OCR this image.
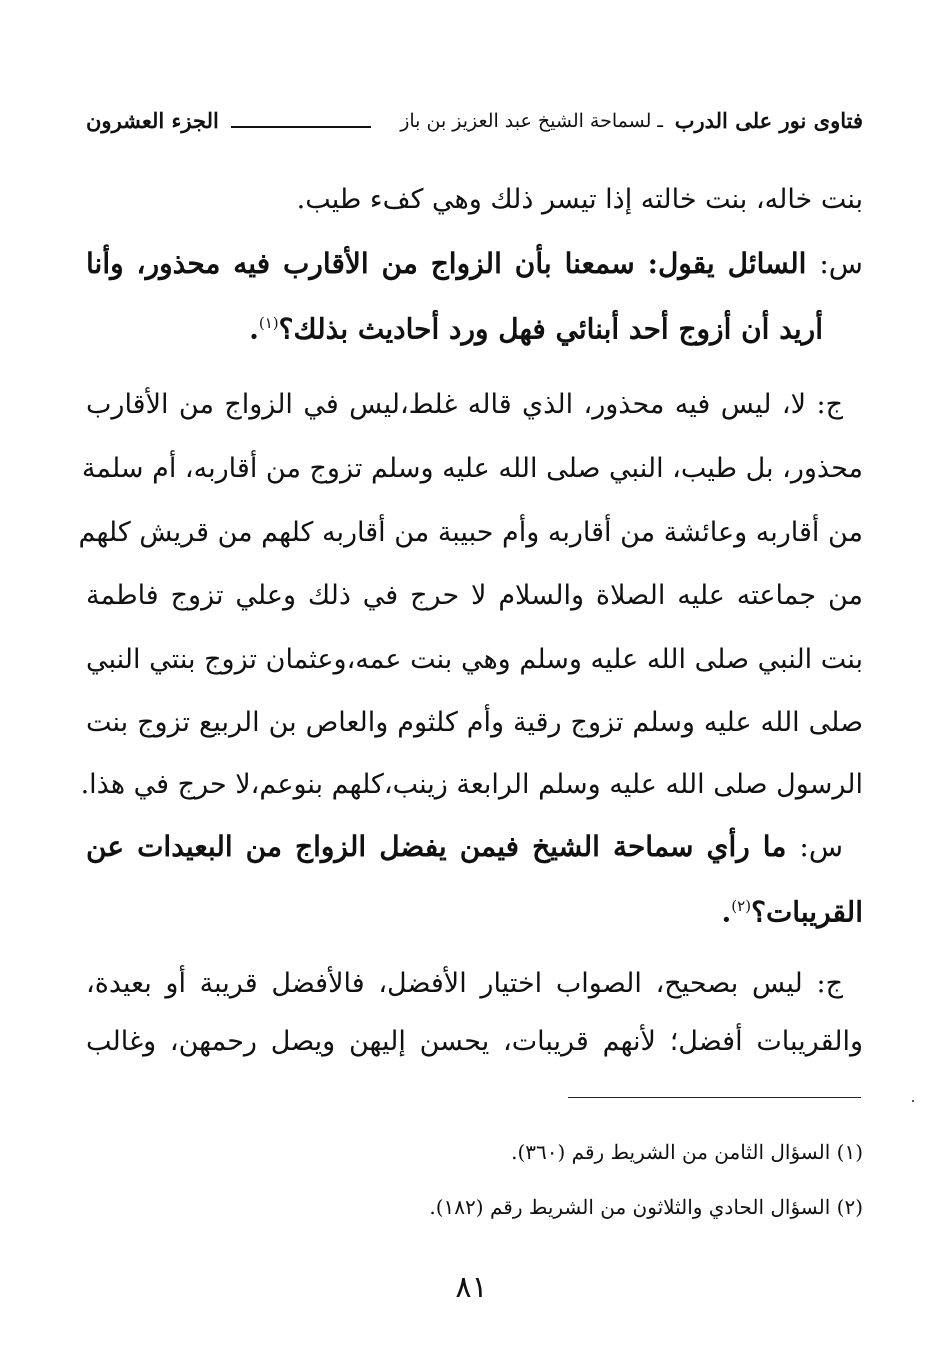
فتاوى نور على الدرب
ـ لسماحة الشيخ عبد العزيز بن باز
الجزء العشرون
بنت خاله، بنت خالته إذا تيسر ذلك وهي كفء طيب.
س: السائل يقول: سمعنا بأن الزواج من الأقارب فيه محذور، وأنا
أريد أن أزوج أحد أبنائي فهل ورد أحاديث بذلك؟$^{(١)}$.
ج: لا، ليس فيه محذور، الذي قاله غلط،ليس في الزواج من الأقارب
محذور، بل طيب، النبي صلى الله عليه وسلم تزوج من أقاربه، أم سلمة
من أقاربه وعائشة من أقاربه وأم حبيبة من أقاربه كلهم من قريش كلهم
من جماعته عليه الصلاة والسلام لا حرج في ذلك وعلي تزوج فاطمة
بنت النبي صلى الله عليه وسلم وهي بنت عمه،وعثمان تزوج بنتي النبي
صلى الله عليه وسلم تزوج رقية وأم كلثوم والعاص بن الربيع تزوج بنت
الرسول صلى الله عليه وسلم الرابعة زينب،كلهم بنوعم،لا حرج في هذا.
س: ما رأي سماحة الشيخ فيمن يفضل الزواج من البعيدات عن
القريبات؟$^{(٢)}$.
ج: ليس بصحيح، الصواب اختيار الأفضل، فالأفضل قريبة أو بعيدة،
والقريبات أفضل؛ لأنهم قريبات، يحسن إليهن ويصل رحمهن، وغالب
(١) السؤال الثامن من الشريط رقم (٣٦٠).
(٢) السؤال الحادي والثلاثون من الشريط رقم (١٨٢).
٨١
